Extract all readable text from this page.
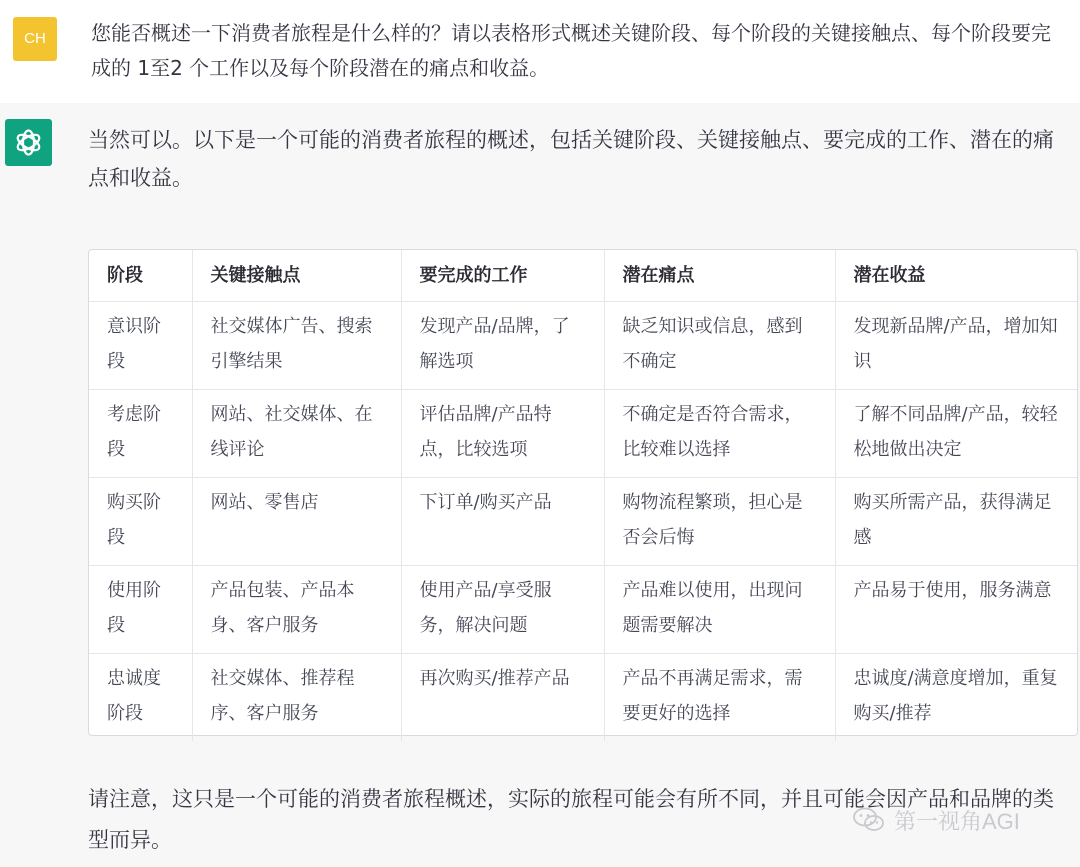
CH	您能否概述一下消费者旅程是什么样的？请以表格形式概述关键阶段、每个阶段的关键接触点、每个阶段要完成的 1至2 个工作以及每个阶段潜在的痛点和收益。
当然可以。以下是一个可能的消费者旅程的概述，包括关键阶段、关键接触点、要完成的工作、潜在的痛点和收益。
阶段	关键接触点	要完成的工作	潜在痛点	潜在收益
意识阶段	社交媒体广告、搜索引擎结果	发现产品/品牌，了解选项	缺乏知识或信息，感到不确定	发现新品牌/产品，增加知识
考虑阶段	网站、社交媒体、在线评论	评估品牌/产品特点，比较选项	不确定是否符合需求，比较难以选择	了解不同品牌/产品，较轻松地做出决定
购买阶段	网站、零售店	下订单/购买产品	购物流程繁琐，担心是否会后悔	购买所需产品，获得满足感
使用阶段	产品包装、产品本身、客户服务	使用产品/享受服务，解决问题	产品难以使用，出现问题需要解决	产品易于使用，服务满意
忠诚度阶段	社交媒体、推荐程序、客户服务	再次购买/推荐产品	产品不再满足需求，需要更好的选择	忠诚度/满意度增加，重复购买/推荐
请注意，这只是一个可能的消费者旅程概述，实际的旅程可能会有所不同，并且可能会因产品和品牌的类型而异。
第一视角AGI
